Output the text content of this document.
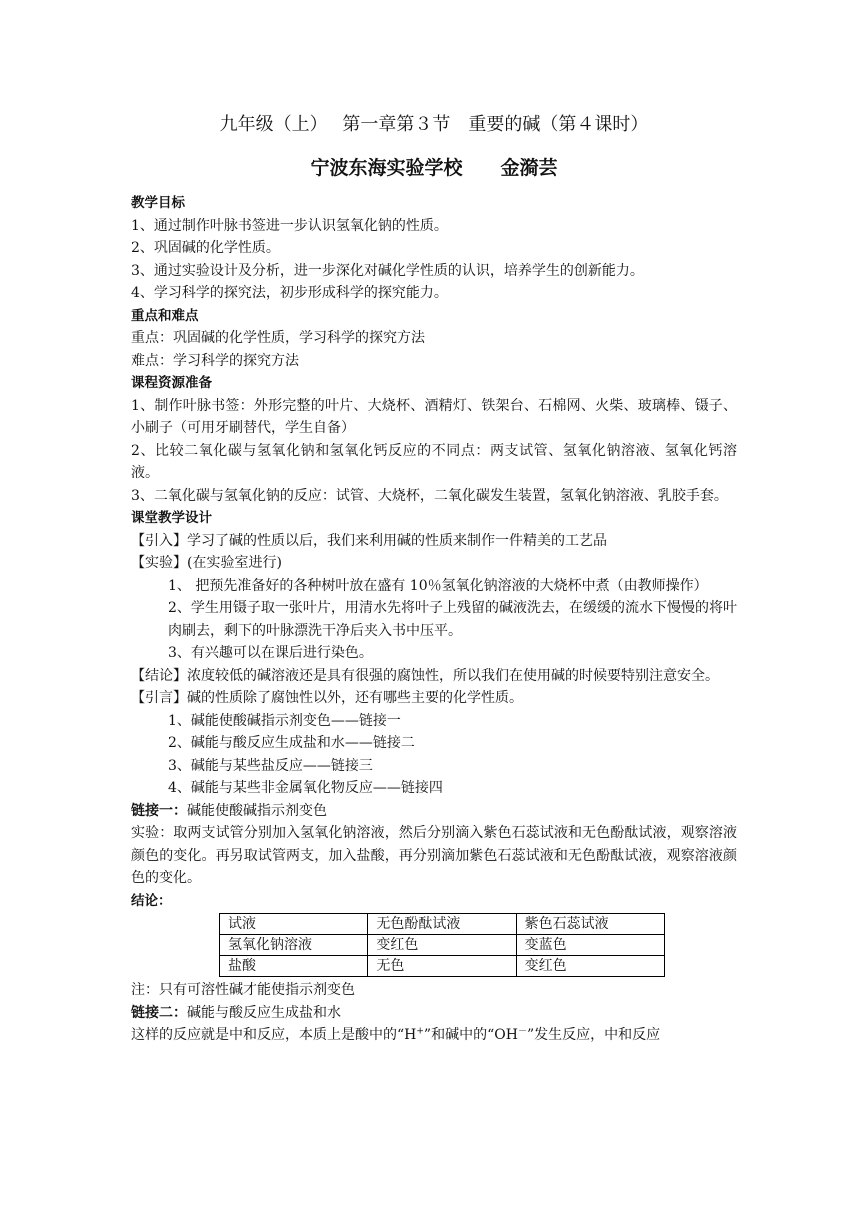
九年级（上）　 第一章第３节　重要的碱（第４课时）

宁波东海实验学校　　金漪芸

教学目标

1、通过制作叶脉书签进一步认识氢氧化钠的性质。

2、巩固碱的化学性质。

3、通过实验设计及分析，进一步深化对碱化学性质的认识，培养学生的创新能力。

4、学习科学的探究法，初步形成科学的探究能力。

重点和难点

重点：巩固碱的化学性质，学习科学的探究方法

难点：学习科学的探究方法

课程资源准备

1、制作叶脉书签：外形完整的叶片、大烧杯、酒精灯、铁架台、石棉网、火柴、玻璃棒、镊子、小刷子（可用牙刷替代，学生自备）

2、比较二氧化碳与氢氧化钠和氢氧化钙反应的不同点：两支试管、氢氧化钠溶液、氢氧化钙溶液。

3、二氧化碳与氢氧化钠的反应：试管、大烧杯，二氧化碳发生装置，氢氧化钠溶液、乳胶手套。

课堂教学设计

【引入】学习了碱的性质以后，我们来利用碱的性质来制作一件精美的工艺品

【实验】(在实验室进行)

1、 把预先准备好的各种树叶放在盛有 10％氢氧化钠溶液的大烧杯中煮（由教师操作）

2、学生用镊子取一张叶片，用清水先将叶子上残留的碱液洗去，在缓缓的流水下慢慢的将叶肉刷去，剩下的叶脉漂洗干净后夹入书中压平。

3、有兴趣可以在课后进行染色。

【结论】浓度较低的碱溶液还是具有很强的腐蚀性，所以我们在使用碱的时候要特别注意安全。

【引言】碱的性质除了腐蚀性以外，还有哪些主要的化学性质。

1、碱能使酸碱指示剂变色——链接一

2、碱能与酸反应生成盐和水——链接二

3、碱能与某些盐反应——链接三

4、碱能与某些非金属氧化物反应——链接四

链接一：碱能使酸碱指示剂变色

实验：取两支试管分别加入氢氧化钠溶液，然后分别滴入紫色石蕊试液和无色酚酞试液，观察溶液颜色的变化。再另取试管两支，加入盐酸，再分别滴加紫色石蕊试液和无色酚酞试液，观察溶液颜色的变化。

结论：

试液	无色酚酞试液	紫色石蕊试液
氢氧化钠溶液	变红色	变蓝色
盐酸	无色	变红色

注：只有可溶性碱才能使指示剂变色

链接二：碱能与酸反应生成盐和水

这样的反应就是中和反应，本质上是酸中的“H+”和碱中的“OH－”发生反应，中和反应
